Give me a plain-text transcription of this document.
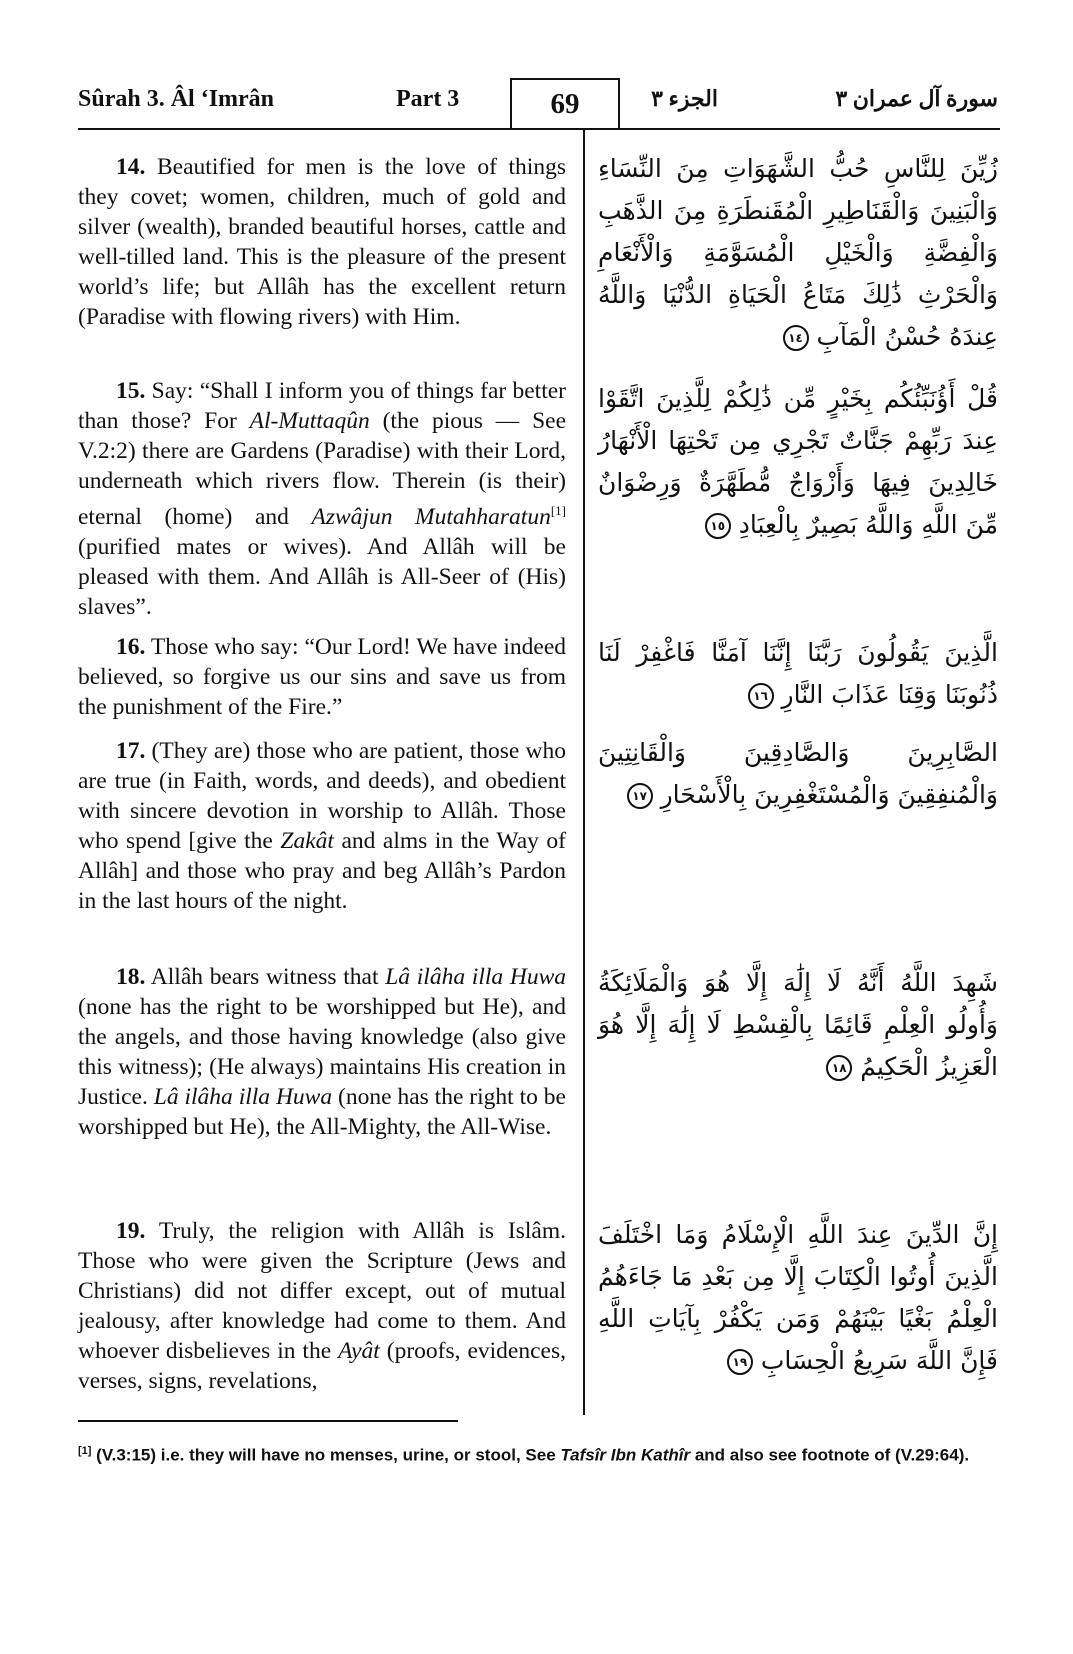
Sûrah 3. Âl ‘Imrân	Part 3	69	الجزء ٣	سورة آل عمران ٣
14. Beautified for men is the love of things they covet; women, children, much of gold and silver (wealth), branded beautiful horses, cattle and well-tilled land. This is the pleasure of the present world’s life; but Allâh has the excellent return (Paradise with flowing rivers) with Him.
15. Say: “Shall I inform you of things far better than those? For Al-Muttaqûn (the pious — See V.2:2) there are Gardens (Paradise) with their Lord, underneath which rivers flow. Therein (is their) eternal (home) and Azwâjun Mutahharatun[1] (purified mates or wives). And Allâh will be pleased with them. And Allâh is All-Seer of (His) slaves”.
16. Those who say: “Our Lord! We have indeed believed, so forgive us our sins and save us from the punishment of the Fire.”
17. (They are) those who are patient, those who are true (in Faith, words, and deeds), and obedient with sincere devotion in worship to Allâh. Those who spend [give the Zakât and alms in the Way of Allâh] and those who pray and beg Allâh’s Pardon in the last hours of the night.
18. Allâh bears witness that Lâ ilâha illa Huwa (none has the right to be worshipped but He), and the angels, and those having knowledge (also give this witness); (He always) maintains His creation in Justice. Lâ ilâha illa Huwa (none has the right to be worshipped but He), the All-Mighty, the All-Wise.
19. Truly, the religion with Allâh is Islâm. Those who were given the Scripture (Jews and Christians) did not differ except, out of mutual jealousy, after knowledge had come to them. And whoever disbelieves in the Ayât (proofs, evidences, verses, signs, revelations,
زُيِّنَ لِلنَّاسِ حُبُّ الشَّهَوَاتِ مِنَ النِّسَاءِ وَالْبَنِينَ وَالْقَنَاطِيرِ الْمُقَنطَرَةِ مِنَ الذَّهَبِ وَالْفِضَّةِ وَالْخَيْلِ الْمُسَوَّمَةِ وَالْأَنْعَامِ وَالْحَرْثِ ذَٰلِكَ مَتَاعُ الْحَيَاةِ الدُّنْيَا وَاللَّهُ عِندَهُ حُسْنُ الْمَآبِ ١٤
قُلْ أَؤُنَبِّئُكُم بِخَيْرٍ مِّن ذَٰلِكُمْ لِلَّذِينَ اتَّقَوْا عِندَ رَبِّهِمْ جَنَّاتٌ تَجْرِي مِن تَحْتِهَا الْأَنْهَارُ خَالِدِينَ فِيهَا وَأَزْوَاجٌ مُّطَهَّرَةٌ وَرِضْوَانٌ مِّنَ اللَّهِ وَاللَّهُ بَصِيرٌ بِالْعِبَادِ ١٥
الَّذِينَ يَقُولُونَ رَبَّنَا إِنَّنَا آمَنَّا فَاغْفِرْ لَنَا ذُنُوبَنَا وَقِنَا عَذَابَ النَّارِ ١٦
الصَّابِرِينَ وَالصَّادِقِينَ وَالْقَانِتِينَ وَالْمُنفِقِينَ وَالْمُسْتَغْفِرِينَ بِالْأَسْحَارِ ١٧
شَهِدَ اللَّهُ أَنَّهُ لَا إِلَٰهَ إِلَّا هُوَ وَالْمَلَائِكَةُ وَأُولُو الْعِلْمِ قَائِمًا بِالْقِسْطِ لَا إِلَٰهَ إِلَّا هُوَ الْعَزِيزُ الْحَكِيمُ ١٨
إِنَّ الدِّينَ عِندَ اللَّهِ الْإِسْلَامُ وَمَا اخْتَلَفَ الَّذِينَ أُوتُوا الْكِتَابَ إِلَّا مِن بَعْدِ مَا جَاءَهُمُ الْعِلْمُ بَغْيًا بَيْنَهُمْ وَمَن يَكْفُرْ بِآيَاتِ اللَّهِ فَإِنَّ اللَّهَ سَرِيعُ الْحِسَابِ ١٩
[1] (V.3:15) i.e. they will have no menses, urine, or stool, See Tafsîr Ibn Kathîr and also see footnote of (V.29:64).
